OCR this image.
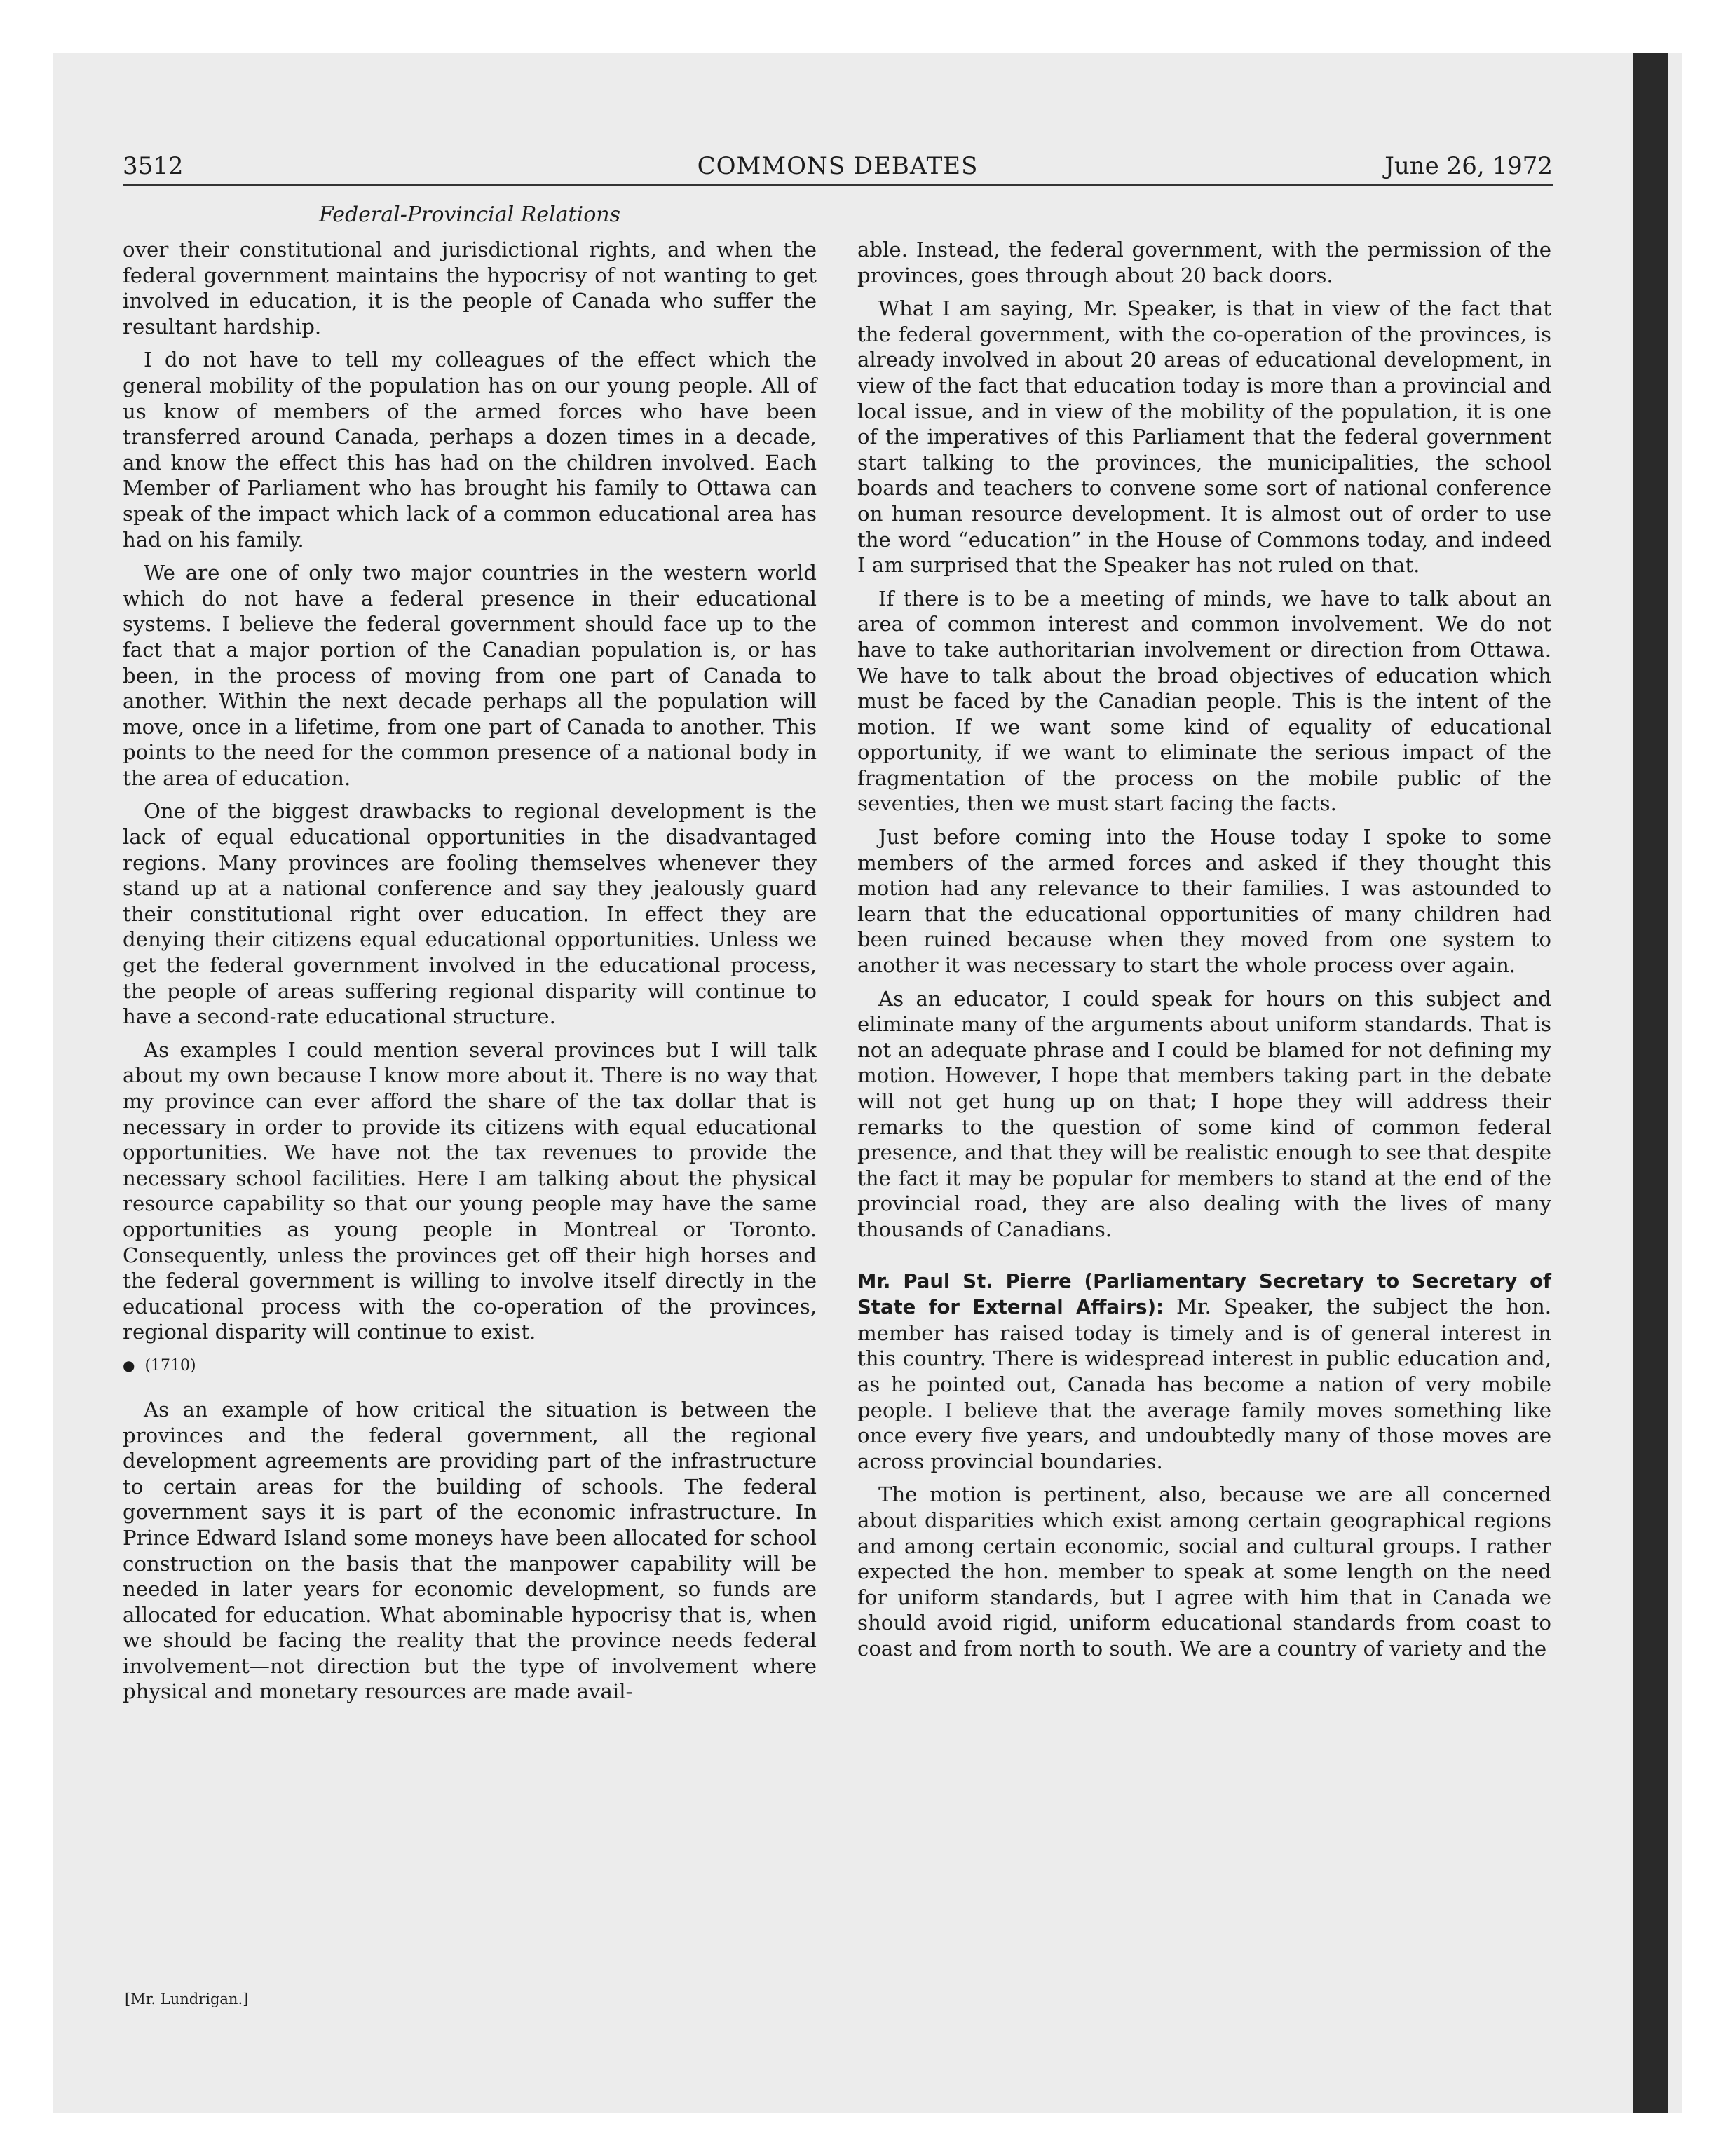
3512	COMMONS DEBATES	June 26, 1972
Federal-Provincial Relations

over their constitutional and jurisdictional rights, and when the federal government maintains the hypocrisy of not wanting to get involved in education, it is the people of Canada who suffer the resultant hardship.

I do not have to tell my colleagues of the effect which the general mobility of the population has on our young people. All of us know of members of the armed forces who have been transferred around Canada, perhaps a dozen times in a decade, and know the effect this has had on the children involved. Each Member of Parliament who has brought his family to Ottawa can speak of the impact which lack of a common educational area has had on his family.

We are one of only two major countries in the western world which do not have a federal presence in their educational systems. I believe the federal government should face up to the fact that a major portion of the Canadian population is, or has been, in the process of moving from one part of Canada to another. Within the next decade perhaps all the population will move, once in a lifetime, from one part of Canada to another. This points to the need for the common presence of a national body in the area of education.

One of the biggest drawbacks to regional development is the lack of equal educational opportunities in the disadvantaged regions. Many provinces are fooling themselves whenever they stand up at a national conference and say they jealously guard their constitutional right over education. In effect they are denying their citizens equal educational opportunities. Unless we get the federal government involved in the educational process, the people of areas suffering regional disparity will continue to have a second-rate educational structure.

As examples I could mention several provinces but I will talk about my own because I know more about it. There is no way that my province can ever afford the share of the tax dollar that is necessary in order to provide its citizens with equal educational opportunities. We have not the tax revenues to provide the necessary school facilities. Here I am talking about the physical resource capability so that our young people may have the same opportunities as young people in Montreal or Toronto. Consequently, unless the provinces get off their high horses and the federal government is willing to involve itself directly in the educational process with the co-operation of the provinces, regional disparity will continue to exist.

● (1710)

As an example of how critical the situation is between the provinces and the federal government, all the regional development agreements are providing part of the infrastructure to certain areas for the building of schools. The federal government says it is part of the economic infrastructure. In Prince Edward Island some moneys have been allocated for school construction on the basis that the manpower capability will be needed in later years for economic development, so funds are allocated for education. What abominable hypocrisy that is, when we should be facing the reality that the province needs federal involvement—not direction but the type of involvement where physical and monetary resources are made avail-

able. Instead, the federal government, with the permission of the provinces, goes through about 20 back doors.

What I am saying, Mr. Speaker, is that in view of the fact that the federal government, with the co-operation of the provinces, is already involved in about 20 areas of educational development, in view of the fact that education today is more than a provincial and local issue, and in view of the mobility of the population, it is one of the imperatives of this Parliament that the federal government start talking to the provinces, the municipalities, the school boards and teachers to convene some sort of national conference on human resource development. It is almost out of order to use the word “education” in the House of Commons today, and indeed I am surprised that the Speaker has not ruled on that.

If there is to be a meeting of minds, we have to talk about an area of common interest and common involvement. We do not have to take authoritarian involvement or direction from Ottawa. We have to talk about the broad objectives of education which must be faced by the Canadian people. This is the intent of the motion. If we want some kind of equality of educational opportunity, if we want to eliminate the serious impact of the fragmentation of the process on the mobile public of the seventies, then we must start facing the facts.

Just before coming into the House today I spoke to some members of the armed forces and asked if they thought this motion had any relevance to their families. I was astounded to learn that the educational opportunities of many children had been ruined because when they moved from one system to another it was necessary to start the whole process over again.

As an educator, I could speak for hours on this subject and eliminate many of the arguments about uniform standards. That is not an adequate phrase and I could be blamed for not defining my motion. However, I hope that members taking part in the debate will not get hung up on that; I hope they will address their remarks to the question of some kind of common federal presence, and that they will be realistic enough to see that despite the fact it may be popular for members to stand at the end of the provincial road, they are also dealing with the lives of many thousands of Canadians.

Mr. Paul St. Pierre (Parliamentary Secretary to Secretary of State for External Affairs): Mr. Speaker, the subject the hon. member has raised today is timely and is of general interest in this country. There is widespread interest in public education and, as he pointed out, Canada has become a nation of very mobile people. I believe that the average family moves something like once every five years, and undoubtedly many of those moves are across provincial boundaries.

The motion is pertinent, also, because we are all concerned about disparities which exist among certain geographical regions and among certain economic, social and cultural groups. I rather expected the hon. member to speak at some length on the need for uniform standards, but I agree with him that in Canada we should avoid rigid, uniform educational standards from coast to coast and from north to south. We are a country of variety and the

[Mr. Lundrigan.]
